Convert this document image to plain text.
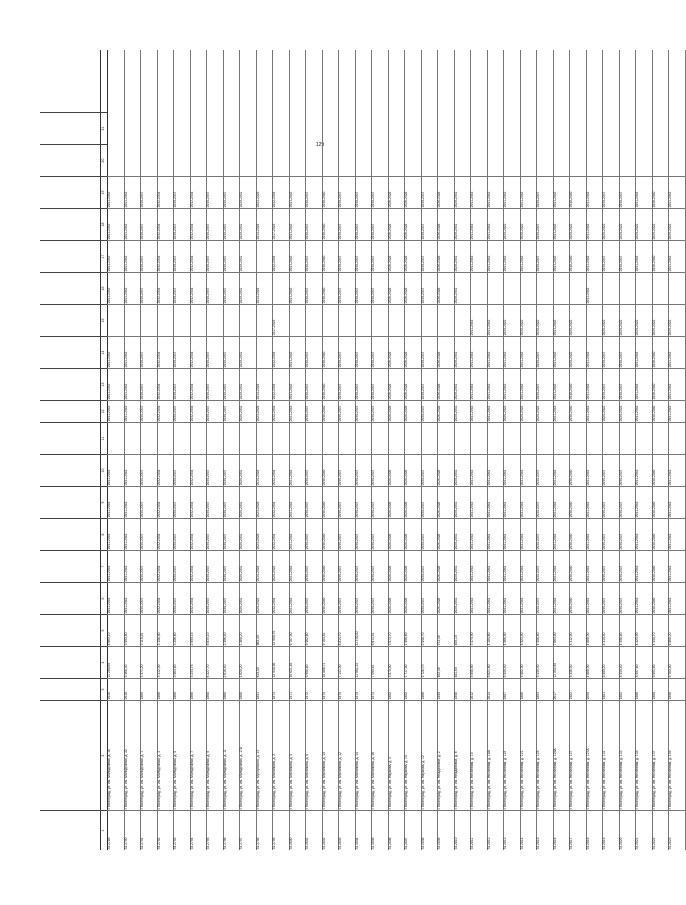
129
1
2
3
4
5
6
7
8
9
10
11
12
13
14
15
16
17
18
19
20
21
33.2789
г. Волгоград, ул. им. Молодежная, д. 18
2018
11 289,60
8 669,10
2041-2043
2041-2043
2041-2043
2041-2043
2041-2043
2041-2043
2041-2043
2041-2043
2041-2043
2041-2043
2041-2043
2041-2043
33.2790
г. Волгоград, ул. им. Молодежная, д. 22
2018
5 468,30
3 993,80
2041-2043
2041-2043
2041-2043
2041-2043
2041-2043
2041-2043
2041-2043
2041-2043
2041-2043
2041-2043
2041-2043
2041-2043
33.2791
г. Волгоград, ул. им. Молодежная, д. 1
1969
3 371,20
3 115,20
2035-2037
2035-2037
2035-2037
2035-2037
2035-2037
2035-2037
2035-2037
2035-2037
2035-2037
2035-2037
2035-2037
2035-2037
33.2792
г. Волгоград, ул. им. Молодежная, д. 3
1966
3 412,00
3 158,50
2032-2034
2032-2034
2032-2034
2032-2034
2032-2034
2032-2034
2032-2034
2032-2034
2032-2034
2032-2034
2032-2034
2032-2034
33.2793
г. Волгоград, ул. им. Молодежная, д. 5
1968
3 563,60
3 296,60
2035-2037
2035-2037
2035-2037
2035-2037
2035-2037
2035-2037
2035-2037
2035-2037
2035-2037
2035-2037
2035-2037
2035-2037
33.2794
г. Волгоград, ул. им. Молодежная, д. 7
1966
3 233,75
2 990,15
2032-2034
2032-2034
2032-2034
2032-2034
2032-2034
2032-2034
2032-2034
2032-2034
2032-2034
2032-2034
2032-2034
2032-2034
33.2795
г. Волгоград, ул. им. Молодежная, д. 9
1968
6 227,70
5 633,10
2035-2037
2035-2037
2035-2037
2035-2037
2035-2037
2035-2037
2035-2037
2035-2037
2035-2037
2035-2037
2035-2037
2035-2037
33.2796
г. Волгоград, ул. им. Молодежная, д. 11
1968
2 616,40
2 396,40
2035-2037
2035-2037
2035-2037
2035-2037
2035-2037
2035-2037
2035-2037
2035-2037
2035-2037
2035-2037
2035-2037
2035-2037
33.2797
г. Волгоград, ул. им. Молодежная, д. 17А
1988
1 625,20
1 469,20
2029-2031
2029-2031
2029-2031
2029-2031
2029-2031
2029-2031
2029-2031
2029-2031
2029-2031
2029-2031
2029-2031
2029-2031
33.2798
г. Волгоград, ул. им. Мусоргского, д. 13
1951
615,50
565,40
2020-2022
2014-2016
2023-2025
2023-2025
2014-2016
2023-2025
2014-2016
2014-2016
2014-2016
2023-2025
33.2799
г. Волгоград, ул. им. Мясникова, д. 2
1973
12 945,50
12 055,70
2032-2034
2020-2022
2032-2034
2032-2034
2032-2034
2032-2034
2032-2034
2032-2034
2017-2019
2032-2034
2017-2019
2032-2034
33.2800
г. Волгоград, ул. им. Мясникова, д. 4
1971
10 621,40
9 787,90
2041-2043
2041-2043
2041-2043
2041-2043
2041-2043
2041-2043
2041-2043
2041-2043
2041-2043
2041-2043
2041-2043
2041-2043
33.2801
г. Волгоград, ул. им. Мясникова, д. 8
1972
5 998,60
5 462,60
2035-2037
2035-2037
2035-2037
2035-2037
2035-2037
2035-2037
2035-2037
2035-2037
2035-2037
2035-2037
2035-2037
2035-2037
33.2802
г. Волгоград, ул. им. Мясникова, д. 10
1970
10 598,71
9 784,81
2038-2040
2038-2040
2038-2040
2038-2040
2038-2040
2038-2040
2038-2040
2038-2040
2038-2040
2038-2040
2038-2040
2038-2040
33.2803
г. Волгоград, ул. им. Мясникова, д. 12
1970
7 141,00
6 814,70
2035-2037
2035-2037
2035-2037
2035-2037
2035-2037
2035-2037
2035-2037
2035-2037
2035-2037
2035-2037
2035-2037
2035-2037
33.2804
г. Волгоград, ул. им. Мясникова, д. 14
1970
11 981,23
11 102,82
2035-2037
2035-2037
2035-2037
2035-2037
2035-2037
2035-2037
2035-2037
2035-2037
2035-2037
2035-2037
2035-2037
2035-2037
33.2805
г. Волгоград, ул. им. Мясникова, д. 16
1974
7 099,61
6 613,91
2035-2037
2035-2037
2035-2037
2035-2037
2035-2037
2035-2037
2035-2037
2035-2037
2035-2037
2035-2037
2035-2037
2035-2037
33.2806
г. Волгоград, ул. им. Наумова, д. 4
1982
3 975,50
3 573,70
2026-2028
2026-2028
2026-2028
2026-2028
2026-2028
2026-2028
2026-2028
2026-2028
2026-2028
2026-2028
2026-2028
2026-2028
33.2807
г. Волгоград, ул. им. Наумова, д. 10
1982
1 717,50
1 596,60
2026-2028
2026-2028
2026-2028
2026-2028
2026-2028
2026-2028
2026-2028
2026-2028
2026-2028
2026-2028
2026-2028
2026-2028
33.2808
г. Волгоград, ул. им. Наумова, д. 12
1966
2 728,70
2 548,70
2035-2037
2035-2037
2035-2037
2035-2037
2035-2037
2035-2037
2035-2037
2035-2037
2035-2037
2035-2037
2035-2037
2035-2037
33.2809
г. Волгоград, ул. им. Неждановой, д. 2
1955
402,49
374,49
2026-2028
2026-2028
2026-2028
2026-2028
2026-2028
2026-2028
2026-2028
2026-2028
2026-2028
2026-2028
2026-2028
2026-2028
33.2810
г. Волгоград, ул. им. Неждановой, д. 6
1958
451,60
409,10
2029-2031
2029-2031
2029-2031
2029-2031
2029-2031
2029-2031
2029-2031
2029-2031
2029-2031
2029-2031
2029-2031
2029-2031
33.2811
г. Волгоград, ул. им. Неглинная, д. 15
2012
5 908,90
3 470,90
2041-2043
2041-2043
2041-2043
2041-2043
2041-2043
2041-2043
2041-2043
2041-2043
2041-2043
2041-2043
2041-2043
2041-2043
33.2812
г. Волгоград, ул. им. Неглинная, д. 19А
2014
5 621,60
4 184,60
2041-2043
2041-2043
2041-2043
2041-2043
2041-2043
2041-2043
2041-2043
2041-2043
2041-2043
2041-2043
2041-2043
2041-2043
33.2813
г. Волгоград, ул. им. Неглинная, д. 119
1987
5 449,40
4 566,50
2041-2043
2041-2043
2041-2043
2041-2043
2041-2043
2020-2022
2041-2043
2041-2043
2020-2022
2041-2043
2020-2022
2041-2043
33.2814
г. Волгоград, ул. им. Неглинная, д. 121
1986
5 982,50
4 524,50
2041-2043
2041-2043
2041-2043
2041-2043
2041-2043
2020-2022
2041-2043
2041-2043
2020-2022
2041-2043
2020-2022
2041-2043
33.2815
г. Волгоград, ул. им. Неглинная, д. 125
1983
5 439,30
4 408,80
2035-2037
2035-2037
2035-2037
2035-2037
2035-2037
2020-2022
2035-2037
2035-2037
2020-2022
2035-2037
2035-2037
2035-2037
33.2816
г. Волгоград, ул. им. Неглинная, д. 125А
2017
11 032,90
7 664,90
2041-2043
2041-2043
2041-2043
2041-2043
2041-2043
2041-2043
2041-2043
2041-2043
2041-2043
2041-2043
2041-2043
2041-2043
33.2817
г. Волгоград, ул. им. Неглинная, д. 127
1982
5 436,30
4 412,90
2038-2040
2038-2040
2038-2040
2038-2040
2038-2040
2038-2040
2038-2040
2020-2022
2020-2022
2038-2040
2020-2022
2038-2040
33.2818
г. Волгоград, ул. им. Неглинная, д. 127А
2009
4 888,00
4 888,00
2041-2043
2041-2043
2041-2043
2041-2043
2041-2043
2041-2043
2041-2043
2041-2043
2041-2043
2041-2043
2041-2043
2041-2043
33.2819
г. Волгоград, ул. им. Неглинная, д. 131
1981
5 450,20
4 410,40
2035-2037
2035-2037
2035-2037
2035-2037
2035-2037
2020-2022
2035-2037
2035-2037
2020-2022
2035-2037
2020-2022
2035-2037
33.2820
г. Волгоград, ул. им. Неглинная, д. 133
1982
5 439,40
4 408,60
2035-2037
2035-2037
2035-2037
2035-2037
2035-2037
2020-2022
2035-2037
2035-2037
2020-2022
2035-2037
2020-2022
2035-2037
33.2821
г. Волгоград, ул. им. Неглинная, д. 135
1986
5 457,60
4 420,90
2041-2043
2041-2043
2041-2043
2041-2043
2041-2043
2041-2043
2041-2043
2041-2043
2020-2022
2041-2043
2020-2022
2041-2043
33.2822
г. Волгоград, ул. им. Неглинная, д. 137
1985
5 591,60
4 530,70
2038-2040
2038-2040
2038-2040
2038-2040
2038-2040
2038-2040
2038-2040
2038-2040
2020-2022
2038-2040
2020-2022
2038-2040
33.2823
г. Волгоград, ул. им. Неглинная, д. 139
1998
9 760,50
6 868,20
2041-2043
2041-2043
2041-2043
2041-2043
2041-2043
2041-2043
2041-2043
2041-2043
2020-2022
2041-2043
2020-2022
2041-2043
